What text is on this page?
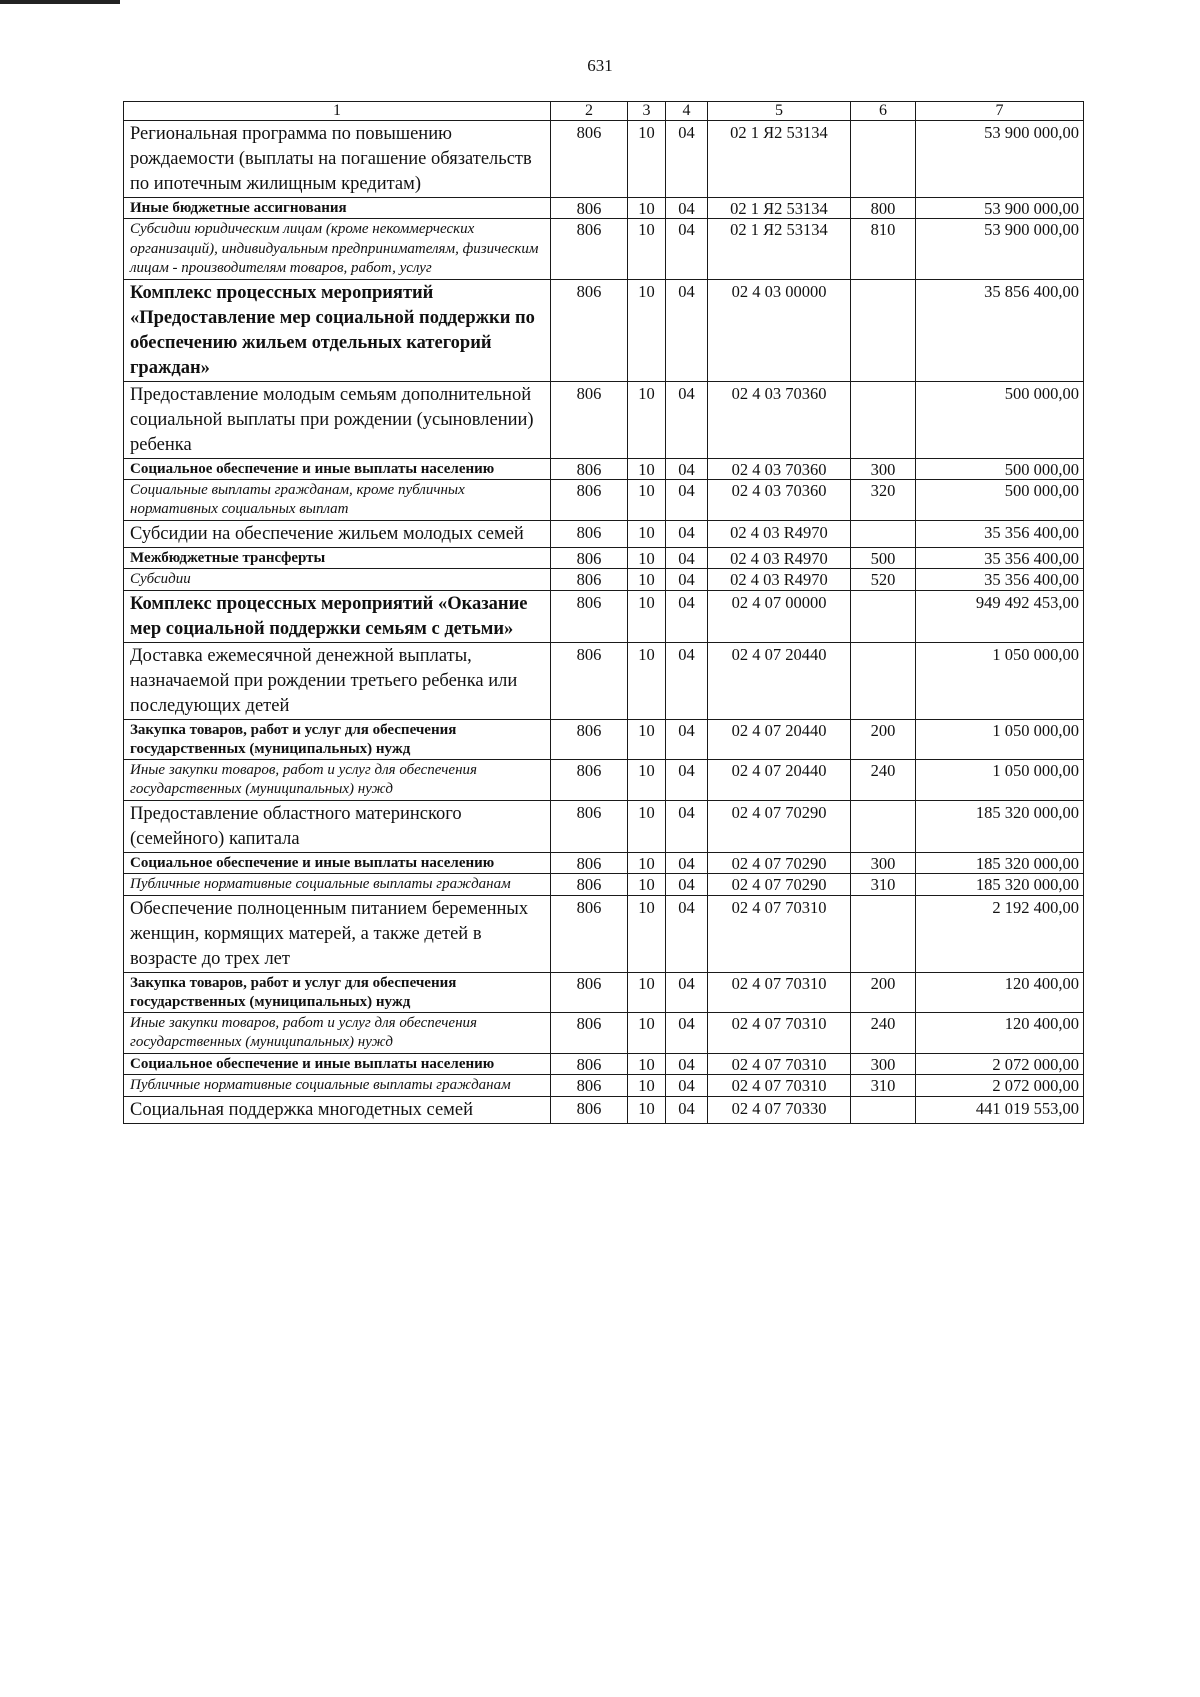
631
1	2	3	4	5	6	7
Региональная программа по повышению рождаемости (выплаты на погашение обязательств по ипотечным жилищным кредитам)	806	10	04	02 1 Я2 53134		53 900 000,00
Иные бюджетные ассигнования	806	10	04	02 1 Я2 53134	800	53 900 000,00
Субсидии юридическим лицам (кроме некоммерческих организаций), индивидуальным предпринимателям, физическим лицам - производителям товаров, работ, услуг	806	10	04	02 1 Я2 53134	810	53 900 000,00
Комплекс процессных мероприятий «Предоставление мер социальной поддержки по обеспечению жильем отдельных категорий граждан»	806	10	04	02 4 03 00000		35 856 400,00
Предоставление молодым семьям дополнительной социальной выплаты при рождении (усыновлении) ребенка	806	10	04	02 4 03 70360		500 000,00
Социальное обеспечение и иные выплаты населению	806	10	04	02 4 03 70360	300	500 000,00
Социальные выплаты гражданам, кроме публичных нормативных социальных выплат	806	10	04	02 4 03 70360	320	500 000,00
Субсидии на обеспечение жильем молодых семей	806	10	04	02 4 03 R4970		35 356 400,00
Межбюджетные трансферты	806	10	04	02 4 03 R4970	500	35 356 400,00
Субсидии	806	10	04	02 4 03 R4970	520	35 356 400,00
Комплекс процессных мероприятий «Оказание мер социальной поддержки семьям с детьми»	806	10	04	02 4 07 00000		949 492 453,00
Доставка ежемесячной денежной выплаты, назначаемой при рождении третьего ребенка или последующих детей	806	10	04	02 4 07 20440		1 050 000,00
Закупка товаров, работ и услуг для обеспечения государственных (муниципальных) нужд	806	10	04	02 4 07 20440	200	1 050 000,00
Иные закупки товаров, работ и услуг для обеспечения государственных (муниципальных) нужд	806	10	04	02 4 07 20440	240	1 050 000,00
Предоставление областного материнского (семейного) капитала	806	10	04	02 4 07 70290		185 320 000,00
Социальное обеспечение и иные выплаты населению	806	10	04	02 4 07 70290	300	185 320 000,00
Публичные нормативные социальные выплаты гражданам	806	10	04	02 4 07 70290	310	185 320 000,00
Обеспечение полноценным питанием беременных женщин, кормящих матерей, а также детей в возрасте до трех лет	806	10	04	02 4 07 70310		2 192 400,00
Закупка товаров, работ и услуг для обеспечения государственных (муниципальных) нужд	806	10	04	02 4 07 70310	200	120 400,00
Иные закупки товаров, работ и услуг для обеспечения государственных (муниципальных) нужд	806	10	04	02 4 07 70310	240	120 400,00
Социальное обеспечение и иные выплаты населению	806	10	04	02 4 07 70310	300	2 072 000,00
Публичные нормативные социальные выплаты гражданам	806	10	04	02 4 07 70310	310	2 072 000,00
Социальная поддержка многодетных семей	806	10	04	02 4 07 70330		441 019 553,00
